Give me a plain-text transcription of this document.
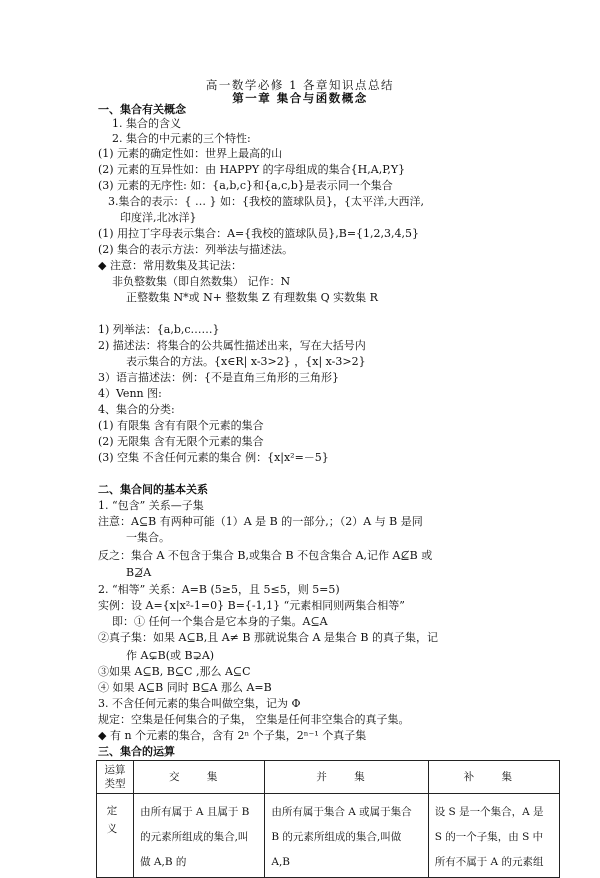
高一数学必修 1 各章知识点总结
第一章 集合与函数概念
一、集合有关概念
1. 集合的含义
2. 集合的中元素的三个特性:
(1) 元素的确定性如：世界上最高的山
(2) 元素的互异性如：由 HAPPY 的字母组成的集合{H,A,P,Y}
(3) 元素的无序性: 如：{a,b,c}和{a,c,b}是表示同一个集合
3.集合的表示：{ … } 如：{我校的篮球队员}，{太平洋,大西洋,
印度洋,北冰洋}
(1) 用拉丁字母表示集合：A={我校的篮球队员},B={1,2,3,4,5}
(2) 集合的表示方法：列举法与描述法。
◆ 注意：常用数集及其记法：
非负整数集（即自然数集） 记作：N
正整数集 N*或 N+ 整数集 Z 有理数集 Q 实数集 R
1) 列举法：{a,b,c……}
2) 描述法：将集合的公共属性描述出来，写在大括号内
表示集合的方法。{x∈R| x-3>2} ，{x| x-3>2}
3）语言描述法：例：{不是直角三角形的三角形}
4）Venn 图:
4、集合的分类:
(1) 有限集 含有有限个元素的集合
(2) 无限集 含有无限个元素的集合
(3) 空集 不含任何元素的集合 例：{x|x²=－5}
二、集合间的基本关系
1. “包含” 关系—子集
注意：A⊆B 有两种可能（1）A 是 B 的一部分,；（2）A 与 B 是同
一集合。
反之：集合 A 不包含于集合 B,或集合 B 不包含集合 A,记作 A⊈B 或
B⊉A
2. “相等” 关系：A=B (5≥5，且 5≤5，则 5=5)
实例：设 A={x|x²-1=0} B={-1,1} “元素相同则两集合相等”
即：① 任何一个集合是它本身的子集。A⊆A
②真子集：如果 A⊆B,且 A≠ B 那就说集合 A 是集合 B 的真子集，记
作 A⊊B(或 B⊋A)
③如果 A⊆B, B⊆C ,那么 A⊆C
④ 如果 A⊆B 同时 B⊆A 那么 A=B
3. 不含任何元素的集合叫做空集，记为 Φ
规定：空集是任何集合的子集， 空集是任何非空集合的真子集。
◆ 有 n 个元素的集合，含有 2ⁿ 个子集，2ⁿ⁻¹ 个真子集
三、集合的运算
运算类型	交 集	并 集	补 集
定义	由所有属于 A 且属于 B 的元素所组成的集合,叫做 A,B 的	由所有属于集合 A 或属于集合 B 的元素所组成的集合,叫做 A,B	设 S 是一个集合，A 是 S 的一个子集，由 S 中所有不属于 A 的元素组
